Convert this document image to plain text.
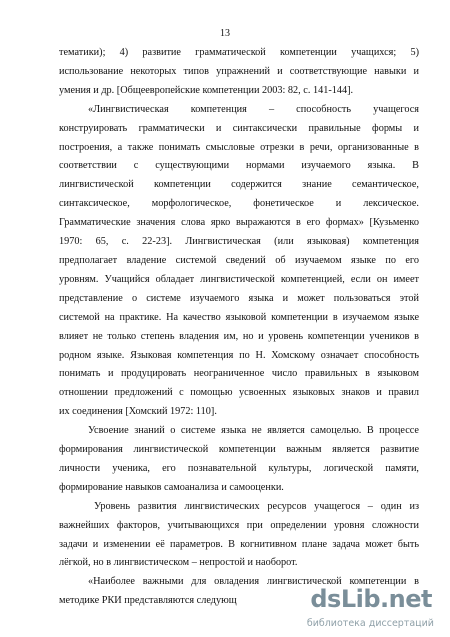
13
тематики); 4) развитие грамматической компетенции учащихся; 5)
использование некоторых типов упражнений и соответствующие навыки и
умения и др. [Общеевропейские компетенции 2003: 82, с. 141-144].
«Лингвистическая компетенция – способность учащегося
конструировать грамматически и синтаксически правильные формы и
построения, а также понимать смысловые отрезки в речи, организованные в
соответствии с существующими нормами изучаемого языка. В
лингвистической компетенции содержится знание семантическое,
синтаксическое, морфологическое, фонетическое и лексическое.
Грамматические значения слова ярко выражаются в его формах» [Кузьменко
1970: 65, с. 22-23]. Лингвистическая (или языковая) компетенция
предполагает владение системой сведений об изучаемом языке по его
уровням. Учащийся обладает лингвистической компетенцией, если он имеет
представление о системе изучаемого языка и может пользоваться этой
системой на практике. На качество языковой компетенции в изучаемом языке
влияет не только степень владения им, но и уровень компетенции учеников в
родном языке. Языковая компетенция по Н. Хомскому означает способность
понимать и продуцировать неограниченное число правильных в языковом
отношении предложений с помощью усвоенных языковых знаков и правил
их соединения [Хомский 1972: 110].
Усвоение знаний о системе языка не является самоцелью. В процессе
формирования лингвистической компетенции важным является развитие
личности ученика, его познавательной культуры, логической памяти,
формирование навыков самоанализа и самооценки.
Уровень развития лингвистических ресурсов учащегося – один из
важнейших факторов, учитывающихся при определении уровня сложности
задачи и изменении её параметров. В когнитивном плане задача может быть
лёгкой, но в лингвистическом – непростой и наоборот.
«Наиболее важными для овладения лингвистической компетенции в
методике РКИ представляются следующ	dsLib.net
библиотека диссертаций
